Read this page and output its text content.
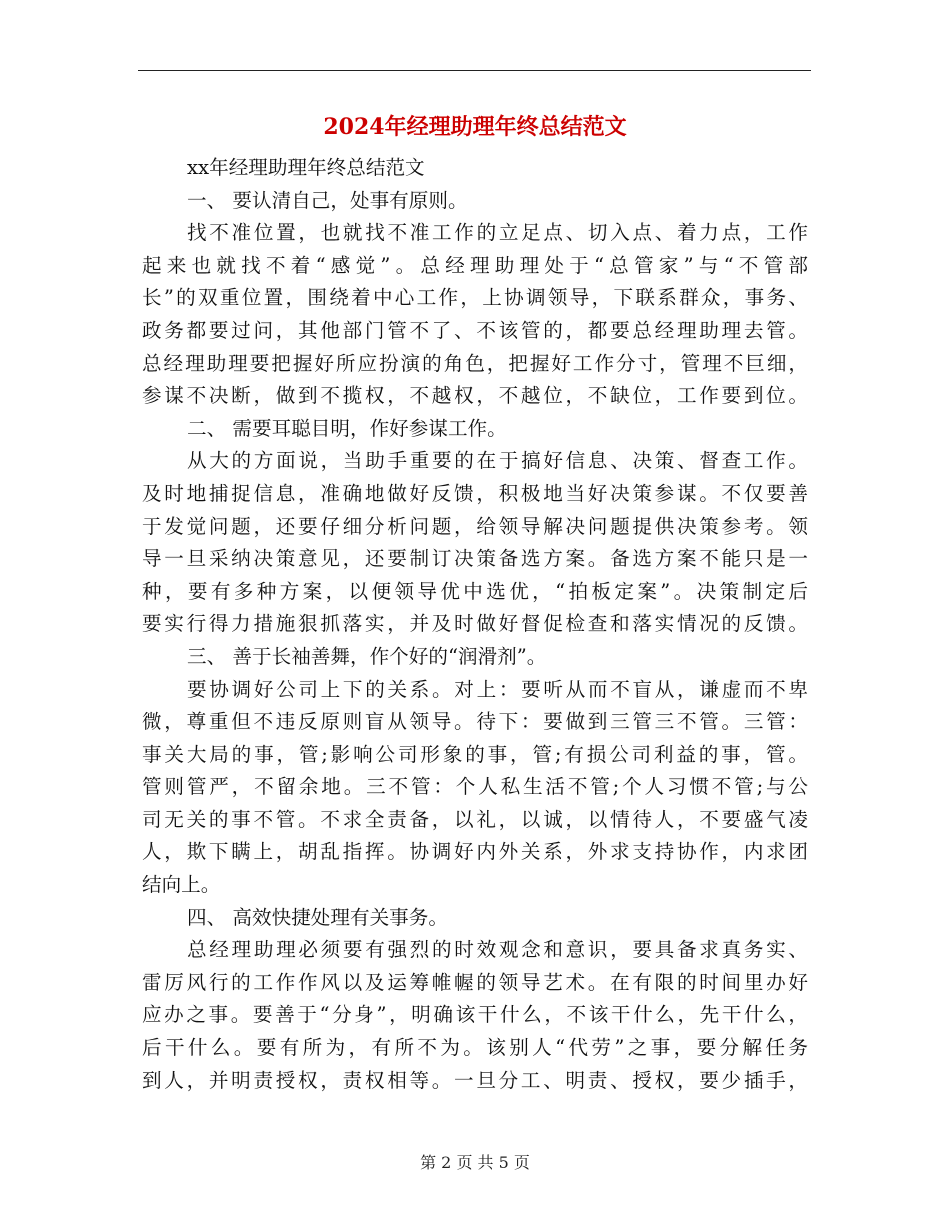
2024年经理助理年终总结范文
xx年经理助理年终总结范文
一、 要认清自己，处事有原则。
找不准位置，也就找不准工作的立足点、切入点、着力点，工作
起来也就找不着“感觉”。总经理助理处于“总管家”与“不管部
长”的双重位置，围绕着中心工作，上协调领导，下联系群众，事务、
政务都要过问，其他部门管不了、不该管的，都要总经理助理去管。
总经理助理要把握好所应扮演的角色，把握好工作分寸，管理不巨细，
参谋不决断，做到不揽权，不越权，不越位，不缺位，工作要到位。
二、 需要耳聪目明，作好参谋工作。
从大的方面说，当助手重要的在于搞好信息、决策、督查工作。
及时地捕捉信息，准确地做好反馈，积极地当好决策参谋。不仅要善
于发觉问题，还要仔细分析问题，给领导解决问题提供决策参考。领
导一旦采纳决策意见，还要制订决策备选方案。备选方案不能只是一
种，要有多种方案，以便领导优中选优，“拍板定案”。决策制定后
要实行得力措施狠抓落实，并及时做好督促检查和落实情况的反馈。
三、 善于长袖善舞，作个好的“润滑剂”。
要协调好公司上下的关系。对上：要听从而不盲从，谦虚而不卑
微，尊重但不违反原则盲从领导。待下：要做到三管三不管。三管：
事关大局的事，管;影响公司形象的事，管;有损公司利益的事，管。
管则管严，不留余地。三不管：个人私生活不管;个人习惯不管;与公
司无关的事不管。不求全责备，以礼，以诚，以情待人，不要盛气凌
人，欺下瞒上，胡乱指挥。协调好内外关系，外求支持协作，内求团
结向上。
四、 高效快捷处理有关事务。
总经理助理必须要有强烈的时效观念和意识，要具备求真务实、
雷厉风行的工作作风以及运筹帷幄的领导艺术。在有限的时间里办好
应办之事。要善于“分身”，明确该干什么，不该干什么，先干什么，
后干什么。要有所为，有所不为。该别人“代劳”之事，要分解任务
到人，并明责授权，责权相等。一旦分工、明责、授权，要少插手，
第 2 页 共 5 页
